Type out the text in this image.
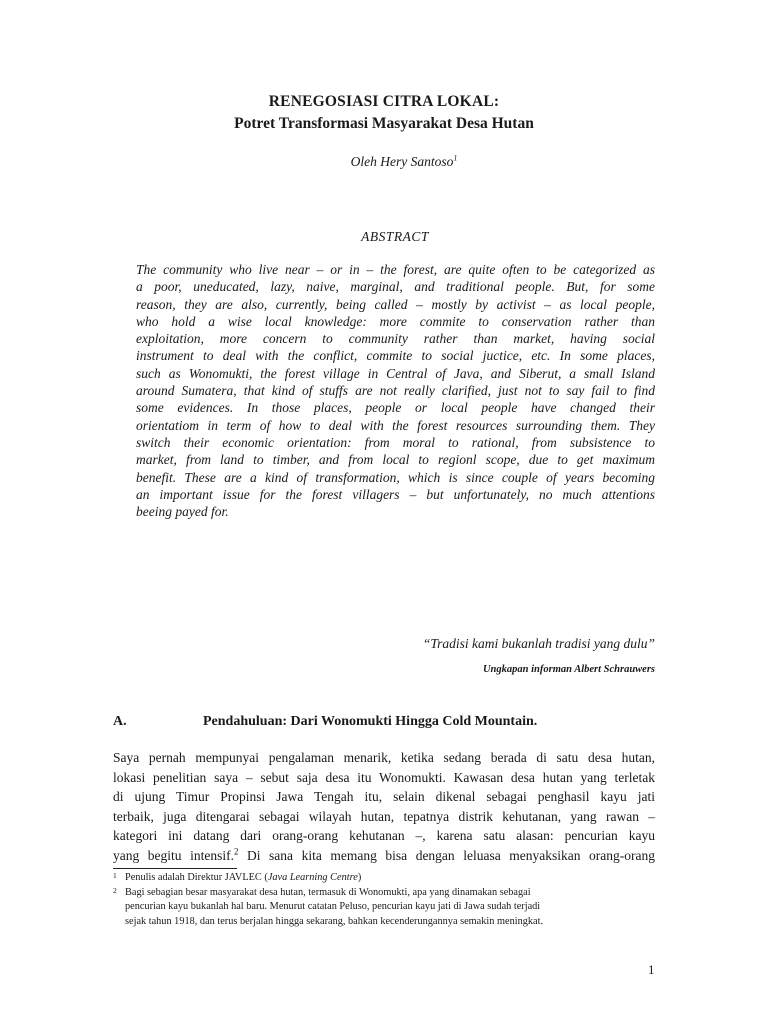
RENEGOSIASI CITRA LOKAL:
Potret Transformasi Masyarakat Desa Hutan
Oleh Hery Santoso$^1$
ABSTRACT
The community who live near – or in – the forest, are quite often to be categorized as
a poor, uneducated, lazy, naive, marginal, and traditional people. But, for some
reason, they are also, currently, being called – mostly by activist – as local people,
who hold a wise local knowledge: more commite to conservation rather than
exploitation, more concern to community rather than market, having social
instrument to deal with the conflict, commite to social juctice, etc. In some places,
such as Wonomukti, the forest village in Central of Java, and Siberut, a small Island
around Sumatera, that kind of stuffs are not really clarified, just not to say fail to find
some evidences. In those places, people or local people have changed their
orientatiom in term of how to deal with the forest resources surrounding them. They
switch their economic orientation: from moral to rational, from subsistence to
market, from land to timber, and from local to regionl scope, due to get maximum
benefit. These are a kind of transformation, which is since couple of years becoming
an important issue for the forest villagers – but unfortunately, no much attentions
beeing payed for.
“Tradisi kami bukanlah tradisi yang dulu”
Ungkapan informan Albert Schrauwers
A.	Pendahuluan: Dari Wonomukti Hingga Cold Mountain.
Saya pernah mempunyai pengalaman menarik, ketika sedang berada di satu desa hutan,
lokasi penelitian saya – sebut saja desa itu Wonomukti. Kawasan desa hutan yang terletak
di ujung Timur Propinsi Jawa Tengah itu, selain dikenal sebagai penghasil kayu jati
terbaik, juga ditengarai sebagai wilayah hutan, tepatnya distrik kehutanan, yang rawan –
kategori ini datang dari orang-orang kehutanan –, karena satu alasan: pencurian kayu
yang begitu intensif.$^2$ Di sana kita memang bisa dengan leluasa menyaksikan orang-orang
1 Penulis adalah Direktur JAVLEC (Java Learning Centre)
2 Bagi sebagian besar masyarakat desa hutan, termasuk di Wonomukti, apa yang dinamakan sebagai
pencurian kayu bukanlah hal baru. Menurut catatan Peluso, pencurian kayu jati di Jawa sudah terjadi
sejak tahun 1918, dan terus berjalan hingga sekarang, bahkan kecenderungannya semakin meningkat.
1
